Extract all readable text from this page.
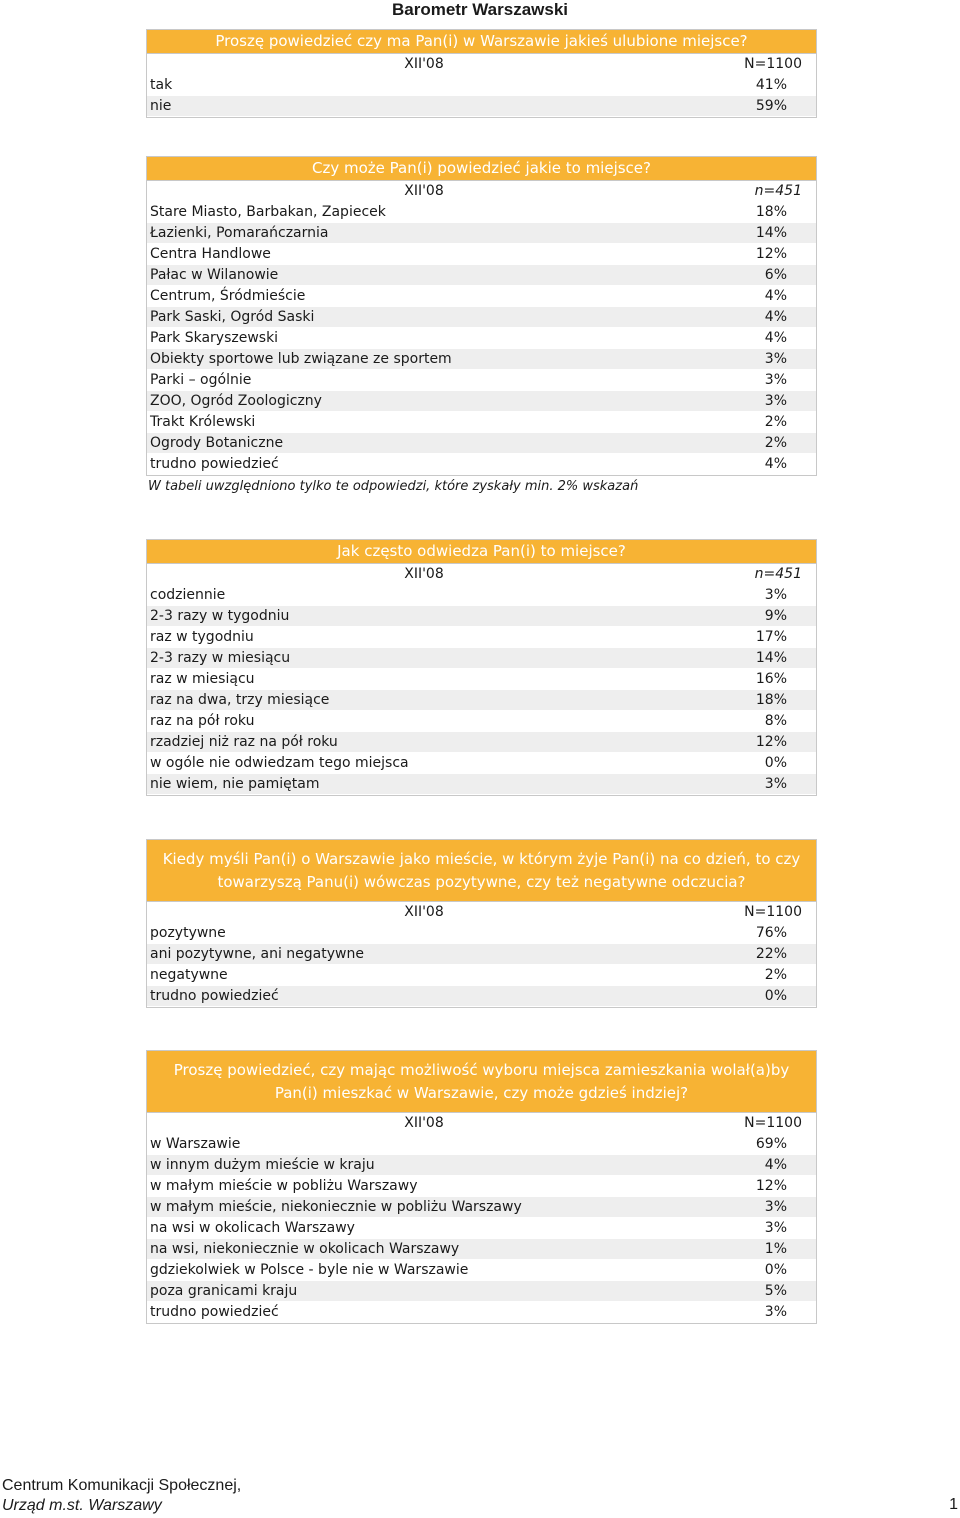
Barometr Warszawski
Proszę powiedzieć czy ma Pan(i) w Warszawie jakieś ulubione miejsce?
XII'08	N=1100
tak	41%
nie	59%
Czy może Pan(i) powiedzieć jakie to miejsce?
XII'08	n=451
Stare Miasto, Barbakan, Zapiecek	18%
Łazienki, Pomarańczarnia	14%
Centra Handlowe	12%
Pałac w Wilanowie	6%
Centrum, Śródmieście	4%
Park Saski, Ogród Saski	4%
Park Skaryszewski	4%
Obiekty sportowe lub związane ze sportem	3%
Parki – ogólnie	3%
ZOO, Ogród Zoologiczny	3%
Trakt Królewski	2%
Ogrody Botaniczne	2%
trudno powiedzieć	4%
Jak często odwiedza Pan(i) to miejsce?
XII'08	n=451
codziennie	3%
2-3 razy w tygodniu	9%
raz w tygodniu	17%
2-3 razy w miesiącu	14%
raz w miesiącu	16%
raz na dwa, trzy miesiące	18%
raz na pół roku	8%
rzadziej niż raz na pół roku	12%
w ogóle nie odwiedzam tego miejsca	0%
nie wiem, nie pamiętam	3%
Kiedy myśli Pan(i) o Warszawie jako mieście, w którym żyje Pan(i) na co dzień, to czy towarzyszą Panu(i) wówczas pozytywne, czy też negatywne odczucia?
XII'08	N=1100
pozytywne	76%
ani pozytywne, ani negatywne	22%
negatywne	2%
trudno powiedzieć	0%
Proszę powiedzieć, czy mając możliwość wyboru miejsca zamieszkania wolał(a)by Pan(i) mieszkać w Warszawie, czy może gdzieś indziej?
XII'08	N=1100
w Warszawie	69%
w innym dużym mieście w kraju	4%
w małym mieście w pobliżu Warszawy	12%
w małym mieście, niekoniecznie w pobliżu Warszawy	3%
na wsi w okolicach Warszawy	3%
na wsi, niekoniecznie w okolicach Warszawy	1%
gdziekolwiek w Polsce - byle nie w Warszawie	0%
poza granicami kraju	5%
trudno powiedzieć	3%
W tabeli uwzględniono tylko te odpowiedzi, które zyskały min. 2% wskazań
Centrum Komunikacji Społecznej,
Urząd m.st. Warszawy	1
